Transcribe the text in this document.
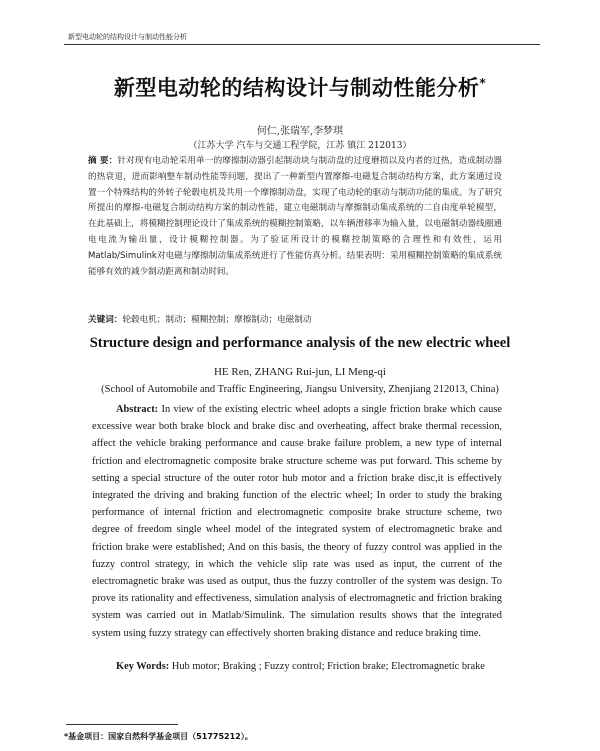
新型电动轮的结构设计与制动性能分析
新型电动轮的结构设计与制动性能分析*
何仁,张瑞军,李梦琪
（江苏大学 汽车与交通工程学院，江苏 镇江 212013）
摘 要：针对现有电动轮采用单一的摩擦制动器引起制动块与制动盘的过度磨损以及内者的过热，造成制动器的热衰退，进而影响整车制动性能等问题，提出了一种新型内置摩擦-电磁复合制动结构方案，此方案通过设置一个特殊结构的外转子轮毂电机及共用一个摩擦制动盘，实现了电动轮的驱动与制动功能的集成。为了研究所提出的摩擦-电磁复合制动结构方案的制动性能，建立电磁制动与摩擦制动集成系统的二自由度单轮模型，在此基础上，将模糊控制理论设计了集成系统的模糊控制策略，以车辆滑移率为输入量，以电磁制动器线圈通电电流为输出量，设计模糊控制器。为了验证所设计的模糊控制策略的合理性和有效性，运用Matlab/Simulink对电磁与摩擦制动集成系统进行了性能仿真分析。结果表明：采用模糊控制策略的集成系统能够有效的减少制动距离和制动时间。
关键词：轮毂电机；制动；模糊控制；摩擦制动；电磁制动
Structure design and performance analysis of the new electric wheel
HE Ren, ZHANG Rui-jun, LI Meng-qi
(School of Automobile and Traffic Engineering, Jiangsu University, Zhenjiang 212013, China)
Abstract: In view of the existing electric wheel adopts a single friction brake which cause excessive wear both brake block and brake disc and overheating, affect brake thermal recession, affect the vehicle braking performance and cause brake failure problem, a new type of internal friction and electromagnetic composite brake structure scheme was put forward. This scheme by setting a special structure of the outer rotor hub motor and a friction brake disc,it is effectively integrated the driving and braking function of the electric wheel; In order to study the braking performance of internal friction and electromagnetic composite brake structure scheme, two degree of freedom single wheel model of the integrated system of electromagnetic brake and friction brake were established; And on this basis, the theory of fuzzy control was applied in the fuzzy control strategy, in which the vehicle slip rate was used as input, the current of the electromagnetic brake was used as output, thus the fuzzy controller of the system was design. To prove its rationality and effectiveness, simulation analysis of electromagnetic and friction braking system was carried out in Matlab/Simulink. The simulation results shows that the integrated system using fuzzy strategy can effectively shorten braking distance and reduce braking time.
Key Words: Hub motor; Braking ; Fuzzy control; Friction brake; Electromagnetic brake
*基金项目：国家自然科学基金项目（51775212）。
